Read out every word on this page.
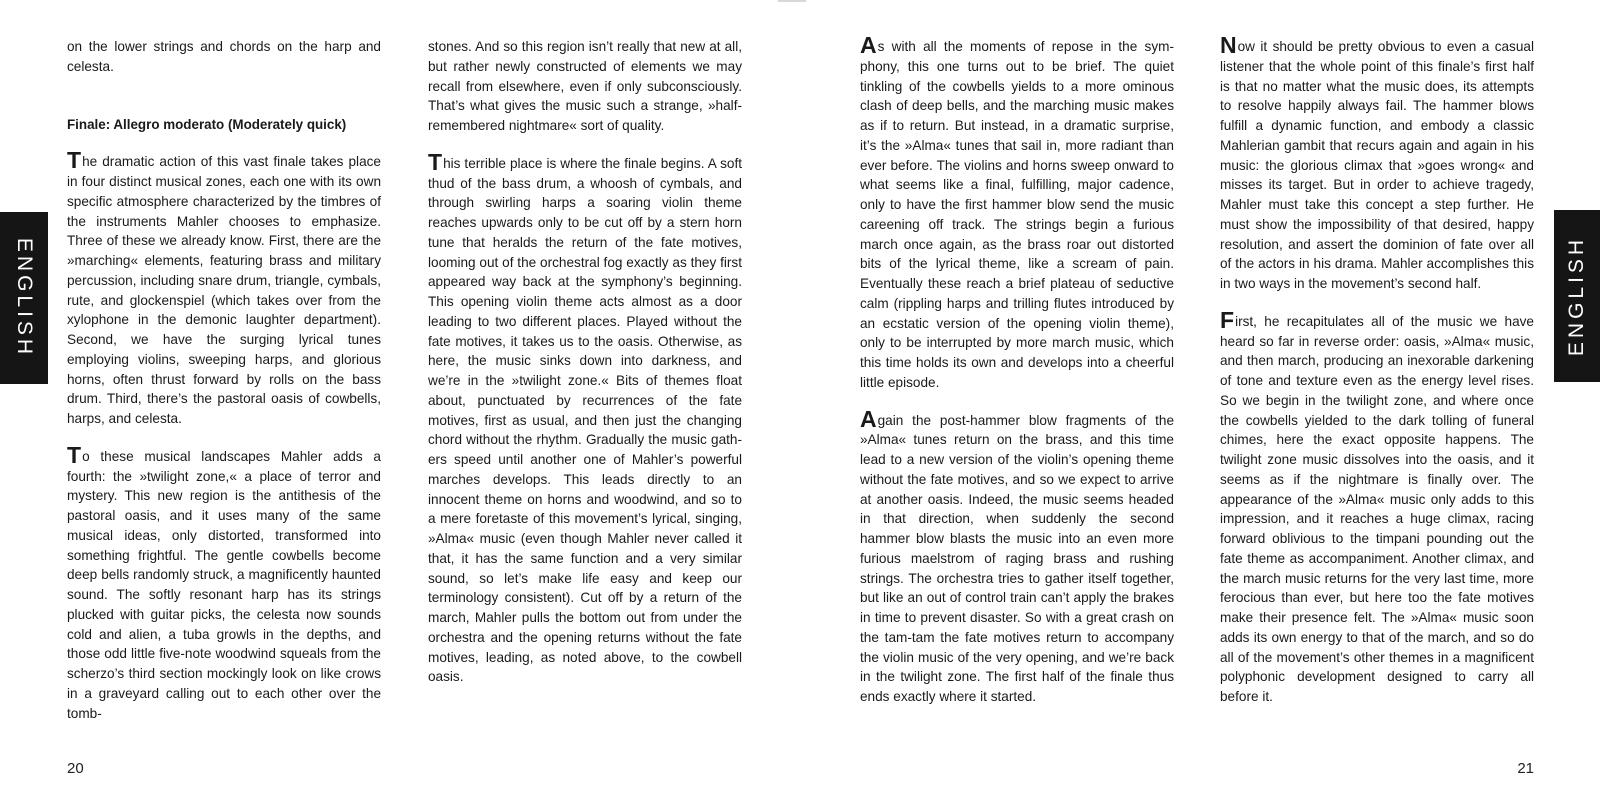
ENGLISH

on the lower strings and chords on the harp and celesta.

Finale: Allegro moderato (Moderately quick)

The dramatic action of this vast finale takes place in four distinct musical zones, each one with its own specific atmosphere characterized by the timbres of the instruments Mahler chooses to emphasize. Three of these we already know. First, there are the »marching« elements, featuring brass and military percussion, including snare drum, triangle, cymbals, rute, and glockenspiel (which takes over from the xylophone in the demonic laughter department). Second, we have the surging lyrical tunes employing violins, sweeping harps, and glorious horns, often thrust forward by rolls on the bass drum. Third, there’s the pastoral oasis of cowbells, harps, and celesta.

To these musical landscapes Mahler adds a fourth: the »twilight zone,« a place of terror and mystery. This new region is the antithesis of the pastoral oasis, and it uses many of the same musical ideas, only distorted, transformed into something frightful. The gentle cowbells become deep bells randomly struck, a magnificently haunted sound. The softly resonant harp has its strings plucked with guitar picks, the celesta now sounds cold and alien, a tuba growls in the depths, and those odd little five-note woodwind squeals from the scherzo’s third section mockingly look on like crows in a graveyard calling out to each other over the tomb-

stones. And so this region isn’t really that new at all, but rather newly constructed of elements we may recall from elsewhere, even if only subconsciously. That’s what gives the music such a strange, »half-remembered nightmare« sort of quality.

This terrible place is where the finale begins. A soft thud of the bass drum, a whoosh of cymbals, and through swirling harps a soaring violin theme reaches upwards only to be cut off by a stern horn tune that heralds the return of the fate motives, looming out of the orchestral fog exactly as they first appeared way back at the symphony’s beginning. This opening violin theme acts almost as a door leading to two different places. Played without the fate motives, it takes us to the oasis. Otherwise, as here, the music sinks down into darkness, and we’re in the »twilight zone.« Bits of themes float about, punctuated by recurrences of the fate motives, first as usual, and then just the changing chord without the rhythm. Gradually the music gathers speed until another one of Mahler’s powerful marches develops. This leads directly to an innocent theme on horns and woodwind, and so to a mere foretaste of this movement’s lyrical, singing, »Alma« music (even though Mahler never called it that, it has the same function and a very similar sound, so let’s make life easy and keep our terminology consistent). Cut off by a return of the march, Mahler pulls the bottom out from under the orchestra and the opening returns without the fate motives, leading, as noted above, to the cowbell oasis.

20

As with all the moments of repose in the symphony, this one turns out to be brief. The quiet tinkling of the cowbells yields to a more ominous clash of deep bells, and the marching music makes as if to return. But instead, in a dramatic surprise, it’s the »Alma« tunes that sail in, more radiant than ever before. The violins and horns sweep onward to what seems like a final, fulfilling, major cadence, only to have the first hammer blow send the music careening off track. The strings begin a furious march once again, as the brass roar out distorted bits of the lyrical theme, like a scream of pain. Eventually these reach a brief plateau of seductive calm (rippling harps and trilling flutes introduced by an ecstatic version of the opening violin theme), only to be interrupted by more march music, which this time holds its own and develops into a cheerful little episode.

Again the post-hammer blow fragments of the »Alma« tunes return on the brass, and this time lead to a new version of the violin’s opening theme without the fate motives, and so we expect to arrive at another oasis. Indeed, the music seems headed in that direction, when suddenly the second hammer blow blasts the music into an even more furious maelstrom of raging brass and rushing strings. The orchestra tries to gather itself together, but like an out of control train can’t apply the brakes in time to prevent disaster. So with a great crash on the tam-tam the fate motives return to accompany the violin music of the very opening, and we’re back in the twilight zone. The first half of the finale thus ends exactly where it started.

Now it should be pretty obvious to even a casual listener that the whole point of this finale’s first half is that no matter what the music does, its attempts to resolve happily always fail. The hammer blows fulfill a dynamic function, and embody a classic Mahlerian gambit that recurs again and again in his music: the glorious climax that »goes wrong« and misses its target. But in order to achieve tragedy, Mahler must take this concept a step further. He must show the impossibility of that desired, happy resolution, and assert the dominion of fate over all of the actors in his drama. Mahler accomplishes this in two ways in the movement’s second half.

First, he recapitulates all of the music we have heard so far in reverse order: oasis, »Alma« music, and then march, producing an inexorable darkening of tone and texture even as the energy level rises. So we begin in the twilight zone, and where once the cowbells yielded to the dark tolling of funeral chimes, here the exact opposite happens. The twilight zone music dissolves into the oasis, and it seems as if the nightmare is finally over. The appearance of the »Alma« music only adds to this impression, and it reaches a huge climax, racing forward oblivious to the timpani pounding out the fate theme as accompaniment. Another climax, and the march music returns for the very last time, more ferocious than ever, but here too the fate motives make their presence felt. The »Alma« music soon adds its own energy to that of the march, and so do all of the movement’s other themes in a magnificent polyphonic development designed to carry all before it.

21
ENGLISH
